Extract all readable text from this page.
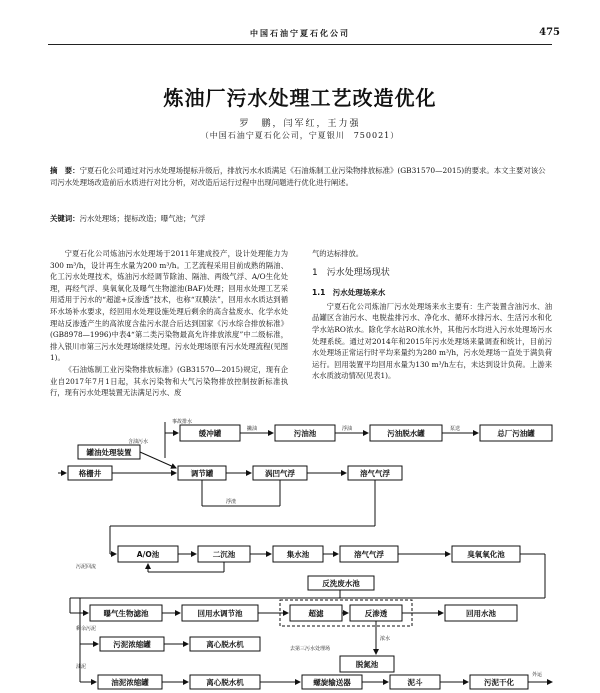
中国石油宁夏石化公司	475
炼油厂污水处理工艺改造优化
罗　鹏，闫军红，王力强
（中国石油宁夏石化公司，宁夏银川　750021）
摘　要：宁夏石化公司通过对污水处理场提标升级后，排放污水水质满足《石油炼制工业污染物排放标准》(GB31570—2015)的要求。本文主要对该公司污水处理场改造前后水质进行对比分析，对改造后运行过程中出现问题进行优化进行阐述。
关键词：污水处理场；提标改造；曝气池；气浮

宁夏石化公司炼油污水处理场于2011年建成投产，设计处理能力为300 m³/h，设计再生水量为200 m³/h。工艺流程采用目前成熟的隔油、化工污水处理技术，炼油污水经调节除油、隔油、两级气浮、A/O生化处理，再经气浮、臭氧氧化及曝气生物滤池(BAF)处理；回用水处理工艺采用适用于污水的“超滤+反渗透”技术，也称“双膜法”，回用水水质达到循环水场补水要求，经回用水处理设施处理后剩余的高含盐废水、化学水处理站反渗透产生的高浓度含盐污水混合后达到国家《污水综合排放标准》(GB8978—1996)中表4“第二类污染物最高允许排放浓度”中二级标准，排入银川市第三污水处理场继续处理。污水处理场原有污水处理流程(见图1)。

《石油炼制工业污染物排放标准》(GB31570—2015)规定，现有企业自2017年7月1日起，其水污染物和大气污染物排放控制按新标准执行，现有污水处理装置无法满足污水、废

气的达标排放。

1　污水处理场现状
1.1　污水处理场来水

宁夏石化公司炼油厂污水处理场来水主要有：生产装置含油污水、油品罐区含油污水、电脱盐排污水、净化水、循环水排污水、生活污水和化学水站RO浓水。除化学水站RO浓水外，其他污水均进入污水处理场污水处理系统。通过对2014年和2015年污水处理场来量调查和统计，目前污水处理场正常运行时平均来量约为280 m³/h，污水处理场一直处于满负荷运行。回用装置平均回用水量为130 m³/h左右，未达到设计负荷。上游来水水质波动情况(见表1)。

缓冲罐	污油池	污油脱水罐	总厂污油罐
罐油处理装置
格栅井	调节罐	涡凹气浮	溶气气浮
A/O池	二沉池	集水池	溶气气浮	臭氧氧化池
反洗废水池
曝气生物滤池	回用水调节池	超滤	反渗透	回用水池
污泥浓缩罐	离心脱水机
脱氮池
油泥浓缩罐	离心脱水机	螺旋输送器	泥斗	污泥干化
事故排水
含油污水
撇油	浮油	泵送
浮渣
污泥回流
剩余污泥
油泥
浓水
去第三污水处理场
外运
